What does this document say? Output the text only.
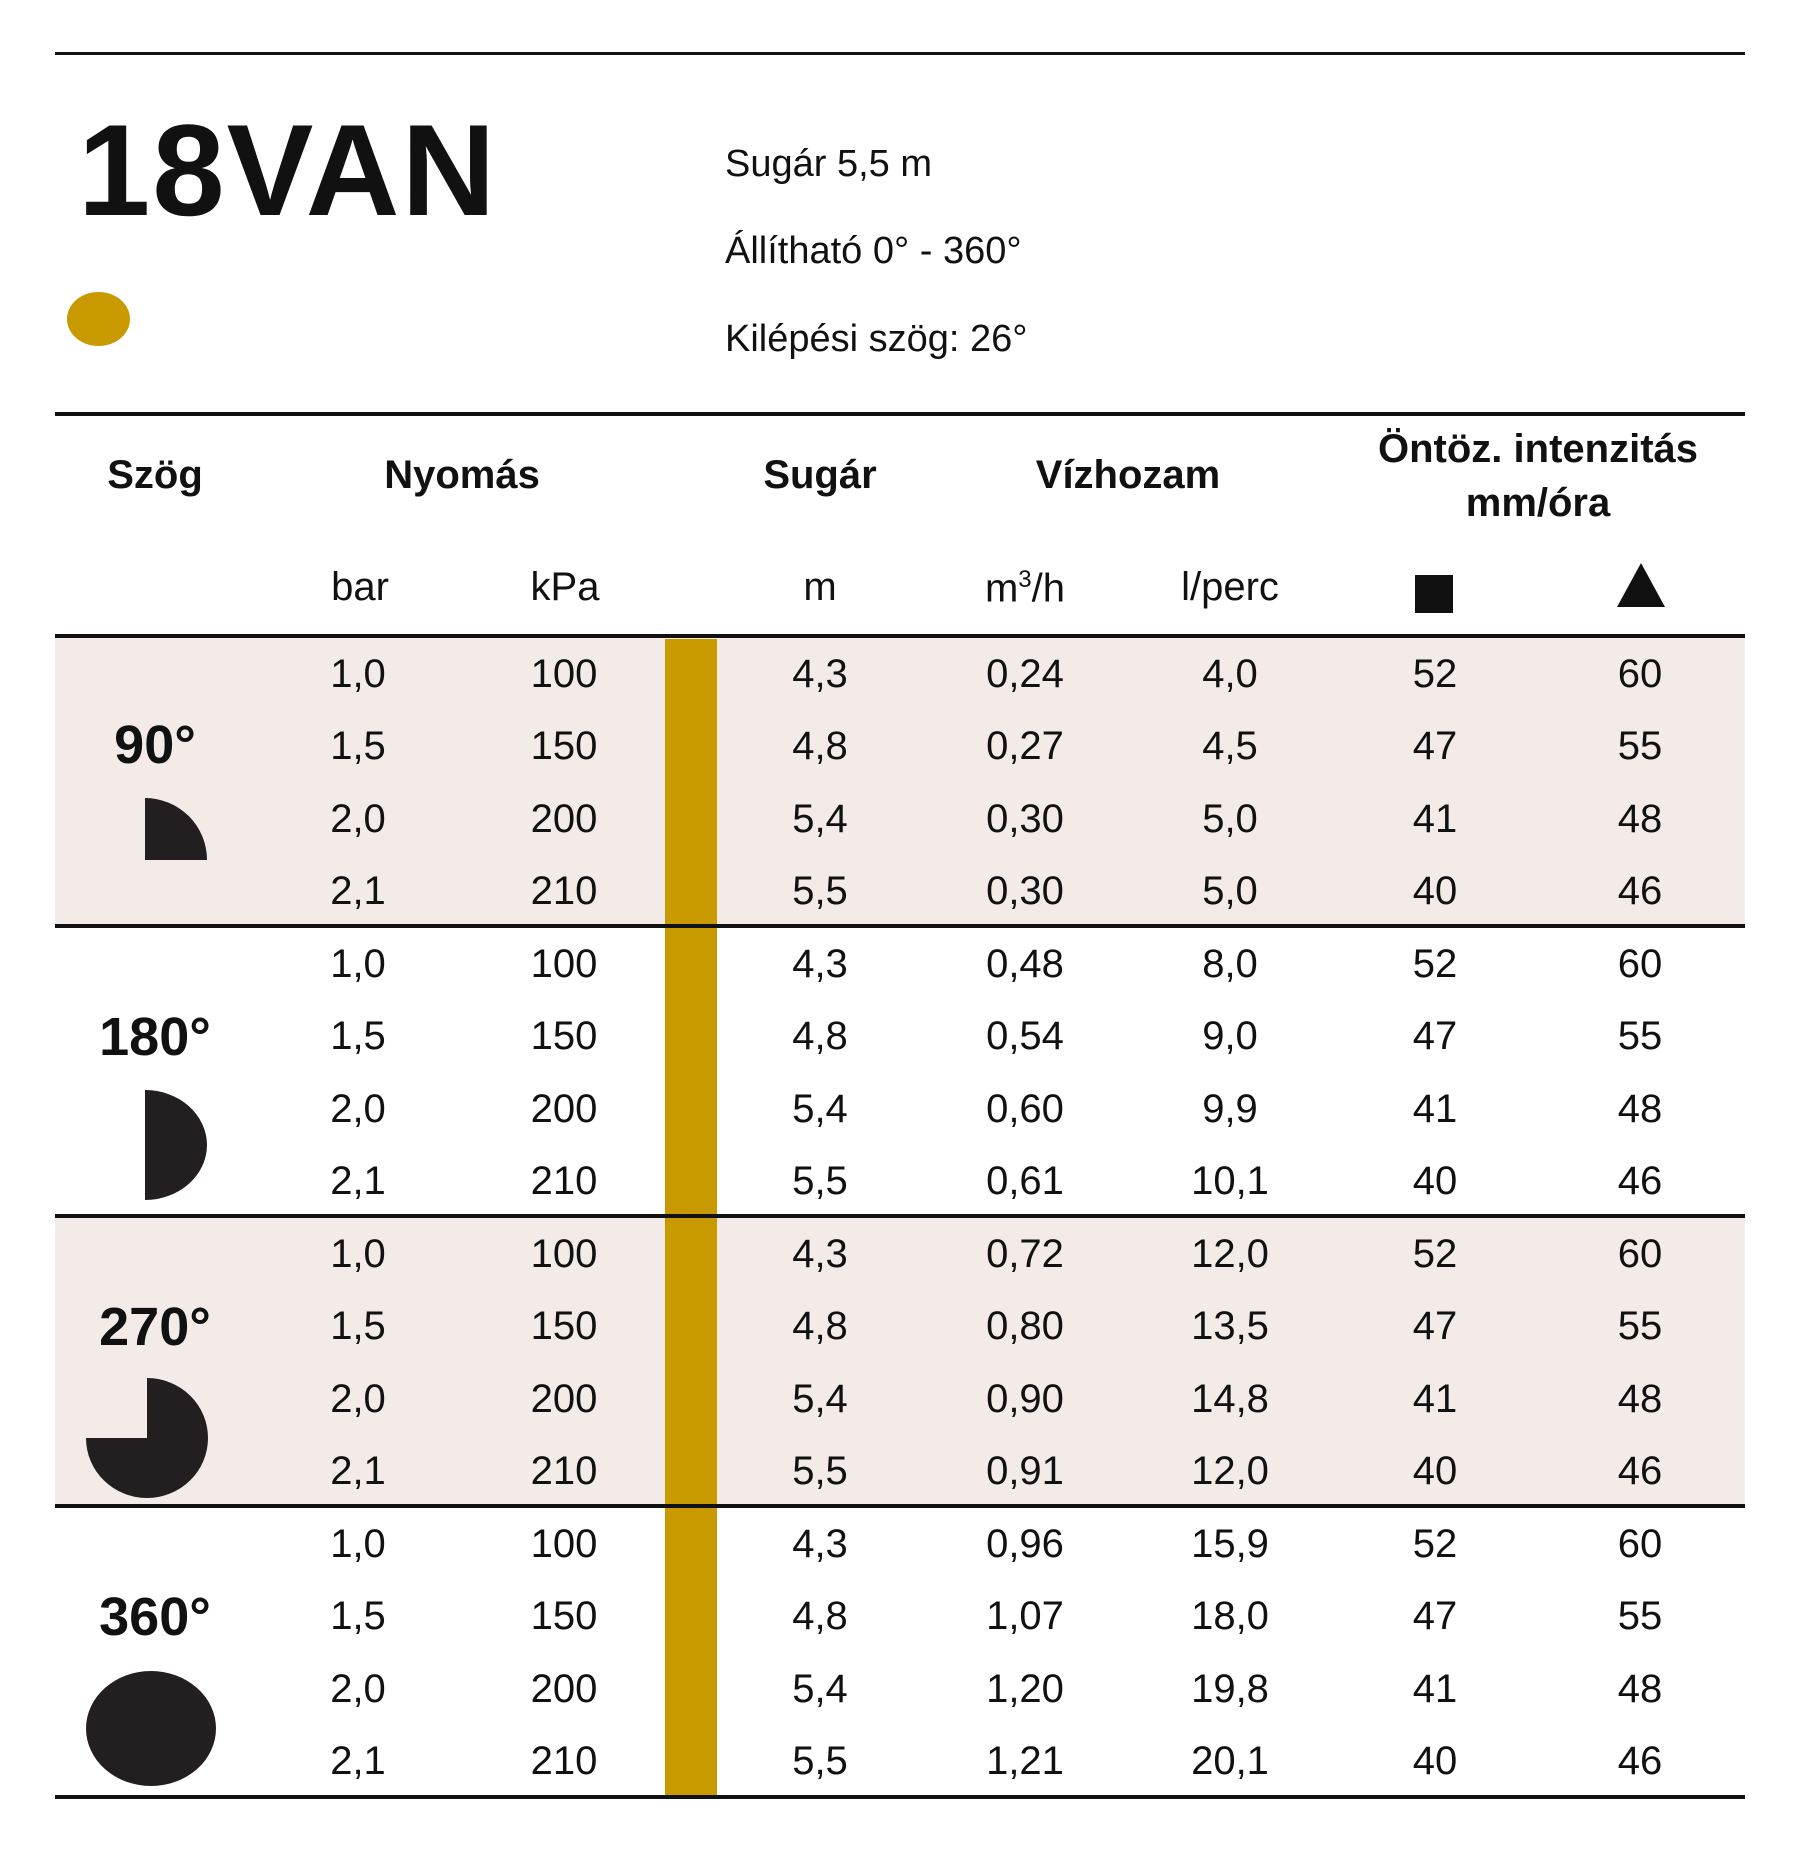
18VAN	Sugár 5,5 m
Állítható 0° - 360°
Kilépési szög: 26°
Szög	Nyomás	Sugár	Vízhozam
Öntöz. intenzitás
mm/óra
bar	kPa	m	$m^3/h$	l/perc
90°
1,0	100	4,3	0,24	4,0	52	60
1,5	150	4,8	0,27	4,5	47	55
2,0	200	5,4	0,30	5,0	41	48
2,1	210	5,5	0,30	5,0	40	46
180°
1,0	100	4,3	0,48	8,0	52	60
1,5	150	4,8	0,54	9,0	47	55
2,0	200	5,4	0,60	9,9	41	48
2,1	210	5,5	0,61	10,1	40	46
270°
1,0	100	4,3	0,72	12,0	52	60
1,5	150	4,8	0,80	13,5	47	55
2,0	200	5,4	0,90	14,8	41	48
2,1	210	5,5	0,91	12,0	40	46
360°
1,0	100	4,3	0,96	15,9	52	60
1,5	150	4,8	1,07	18,0	47	55
2,0	200	5,4	1,20	19,8	41	48
2,1	210	5,5	1,21	20,1	40	46
